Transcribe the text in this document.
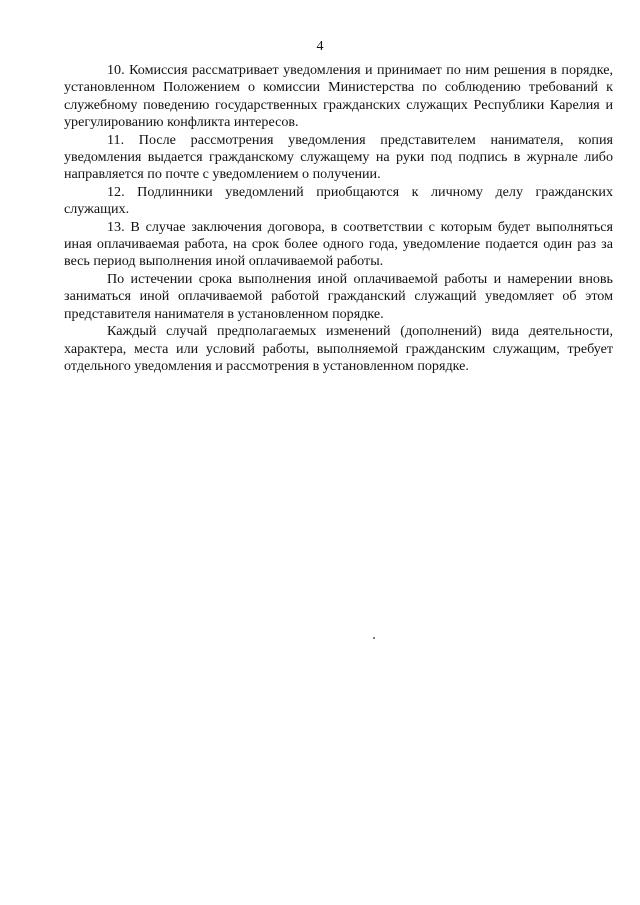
4

10. Комиссия рассматривает уведомления и принимает по ним решения в порядке, установленном Положением о комиссии Министерства по соблюдению требований к служебному поведению государственных гражданских служащих Республики Карелия и урегулированию конфликта интересов.

11. После рассмотрения уведомления представителем нанимателя, копия уведомления выдается гражданскому служащему на руки под подпись в журнале либо направляется по почте с уведомлением о получении.

12. Подлинники уведомлений приобщаются к личному делу гражданских служащих.

13. В случае заключения договора, в соответствии с которым будет выполняться иная оплачиваемая работа, на срок более одного года, уведомление подается один раз за весь период выполнения иной оплачиваемой работы.

По истечении срока выполнения иной оплачиваемой работы и намерении вновь заниматься иной оплачиваемой работой гражданский служащий уведомляет об этом представителя нанимателя в установленном порядке.

Каждый случай предполагаемых изменений (дополнений) вида деятельности, характера, места или условий работы, выполняемой гражданским служащим, требует отдельного уведомления и рассмотрения в установленном порядке.
